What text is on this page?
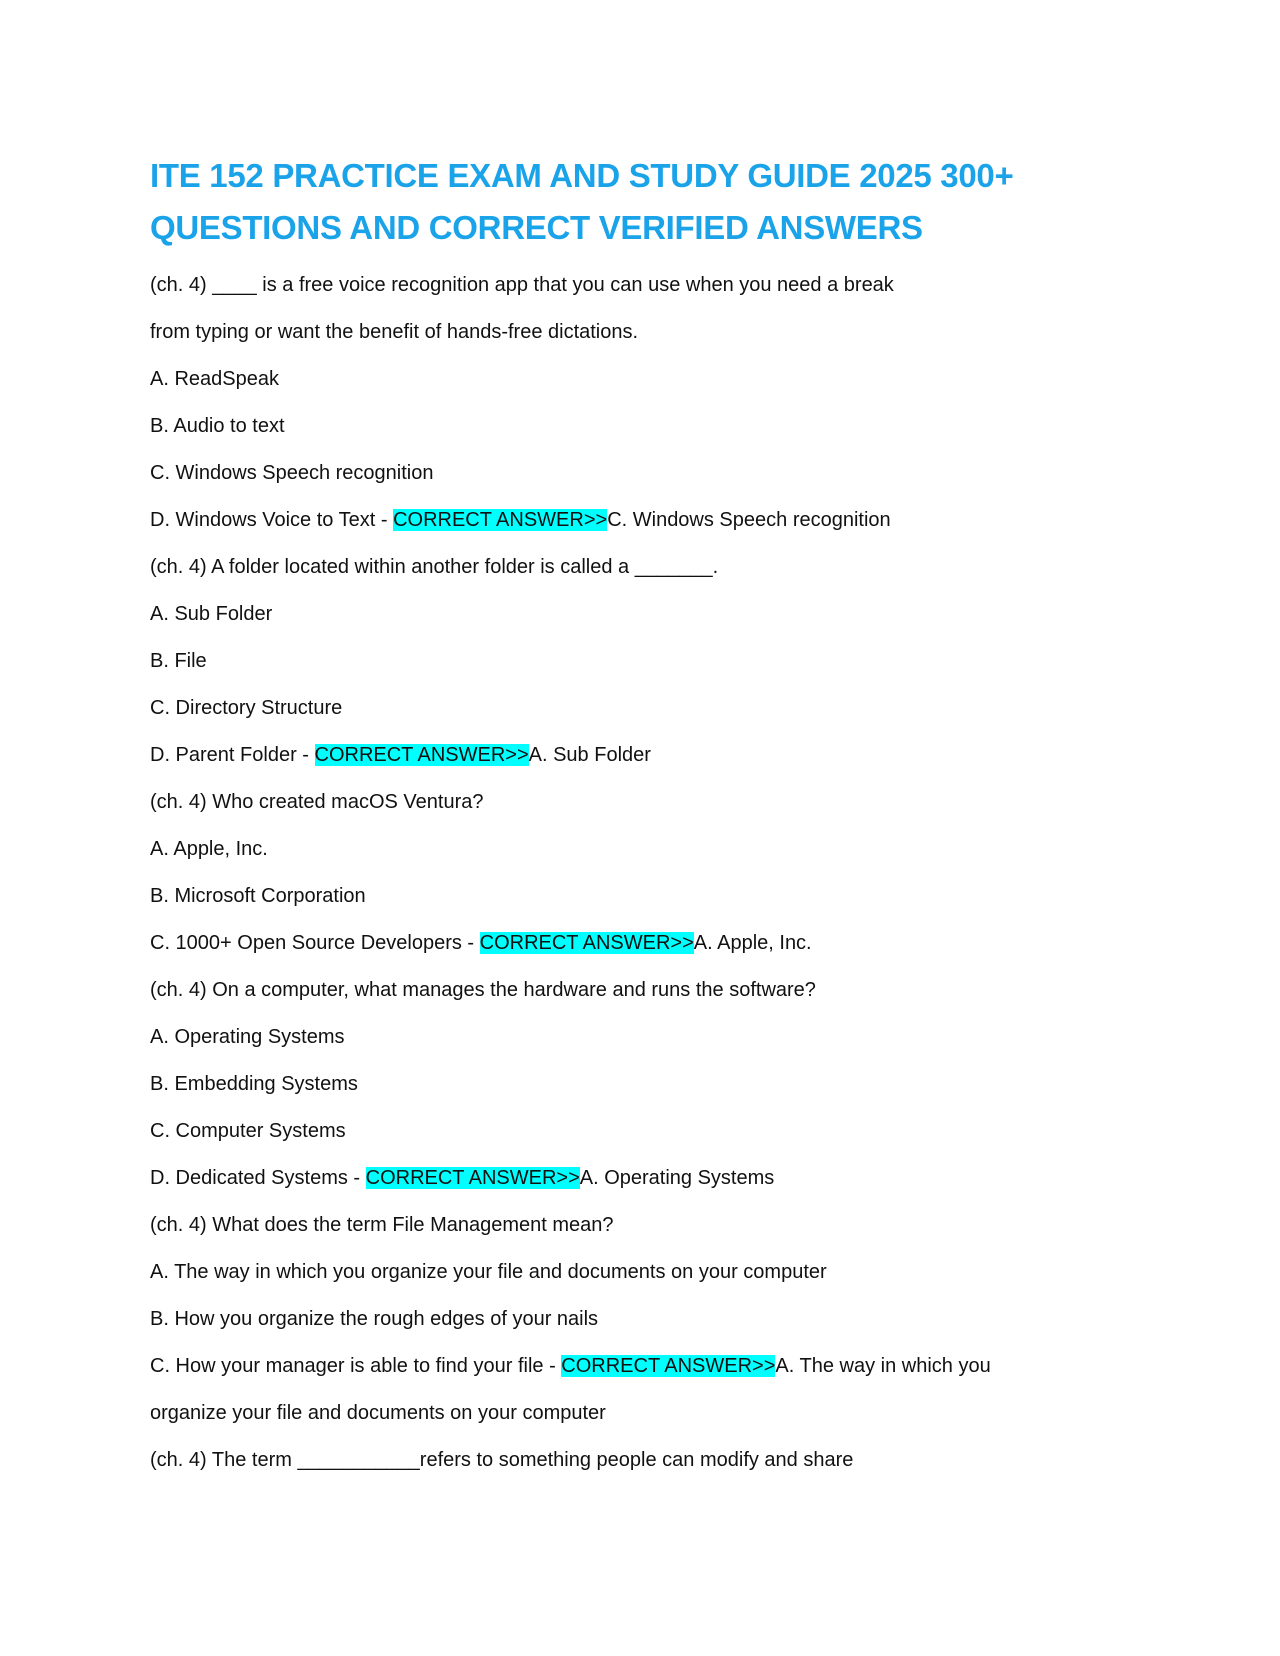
ITE 152 PRACTICE EXAM AND STUDY GUIDE 2025 300+
QUESTIONS AND CORRECT VERIFIED ANSWERS
(ch. 4) ____ is a free voice recognition app that you can use when you need a break
from typing or want the benefit of hands-free dictations.
A. ReadSpeak
B. Audio to text
C. Windows Speech recognition
D. Windows Voice to Text - CORRECT ANSWER>>C. Windows Speech recognition
(ch. 4) A folder located within another folder is called a _______.
A. Sub Folder
B. File
C. Directory Structure
D. Parent Folder - CORRECT ANSWER>>A. Sub Folder
(ch. 4) Who created macOS Ventura?
A. Apple, Inc.
B. Microsoft Corporation
C. 1000+ Open Source Developers - CORRECT ANSWER>>A. Apple, Inc.
(ch. 4) On a computer, what manages the hardware and runs the software?
A. Operating Systems
B. Embedding Systems
C. Computer Systems
D. Dedicated Systems - CORRECT ANSWER>>A. Operating Systems
(ch. 4) What does the term File Management mean?
A. The way in which you organize your file and documents on your computer
B. How you organize the rough edges of your nails
C. How your manager is able to find your file - CORRECT ANSWER>>A. The way in which you
organize your file and documents on your computer
(ch. 4) The term ___________refers to something people can modify and share
